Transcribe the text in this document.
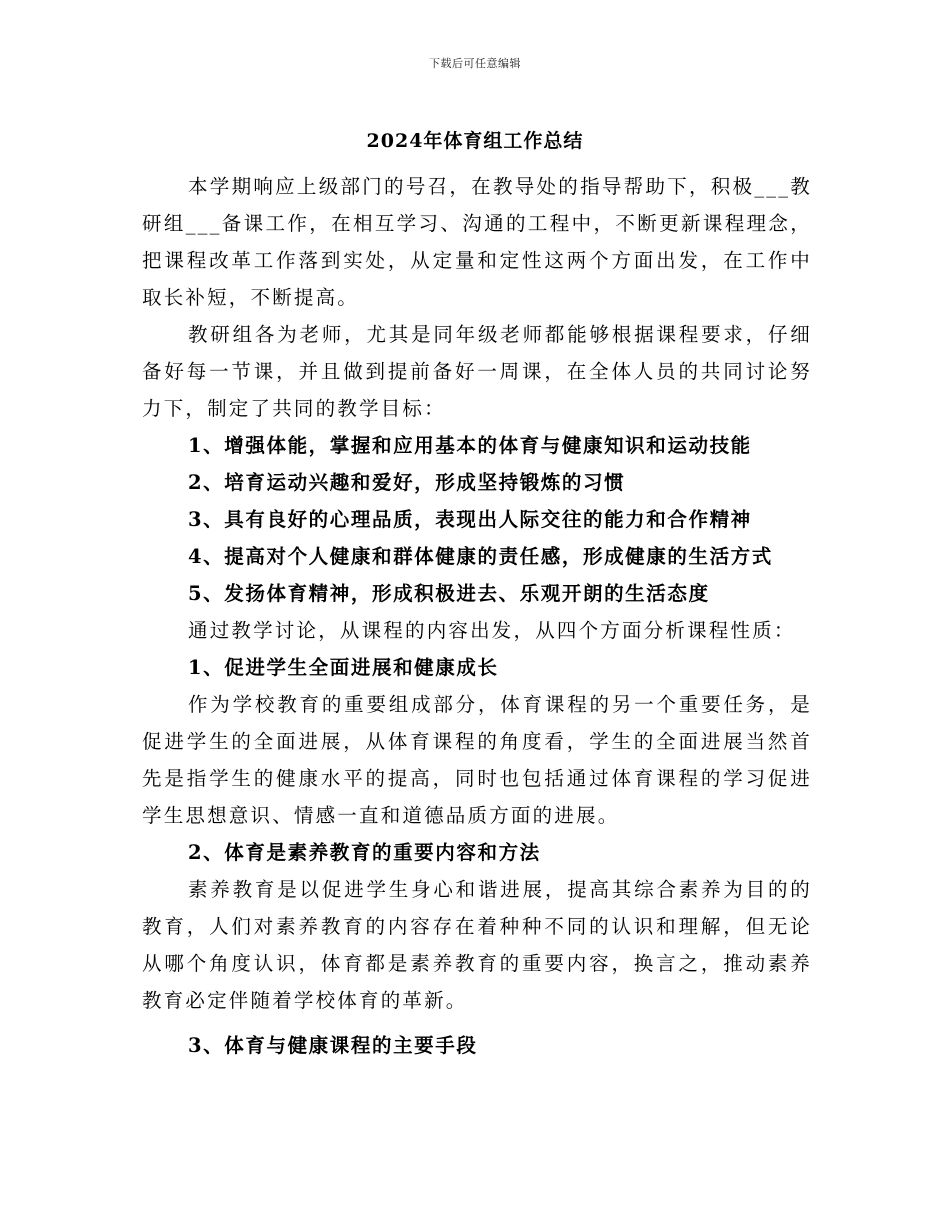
下载后可任意编辑
2024年体育组工作总结

本学期响应上级部门的号召，在教导处的指导帮助下，积极___教研组___备课工作，在相互学习、沟通的工程中，不断更新课程理念，把课程改革工作落到实处，从定量和定性这两个方面出发，在工作中取长补短，不断提高。

教研组各为老师，尤其是同年级老师都能够根据课程要求，仔细备好每一节课，并且做到提前备好一周课，在全体人员的共同讨论努力下，制定了共同的教学目标：

1、增强体能，掌握和应用基本的体育与健康知识和运动技能

2、培育运动兴趣和爱好，形成坚持锻炼的习惯

3、具有良好的心理品质，表现出人际交往的能力和合作精神

4、提高对个人健康和群体健康的责任感，形成健康的生活方式

5、发扬体育精神，形成积极进去、乐观开朗的生活态度

通过教学讨论，从课程的内容出发，从四个方面分析课程性质：

1、促进学生全面进展和健康成长

作为学校教育的重要组成部分，体育课程的另一个重要任务，是促进学生的全面进展，从体育课程的角度看，学生的全面进展当然首先是指学生的健康水平的提高，同时也包括通过体育课程的学习促进学生思想意识、情感一直和道德品质方面的进展。

2、体育是素养教育的重要内容和方法

素养教育是以促进学生身心和谐进展，提高其综合素养为目的的教育，人们对素养教育的内容存在着种种不同的认识和理解，但无论从哪个角度认识，体育都是素养教育的重要内容，换言之，推动素养教育必定伴随着学校体育的革新。

3、体育与健康课程的主要手段
